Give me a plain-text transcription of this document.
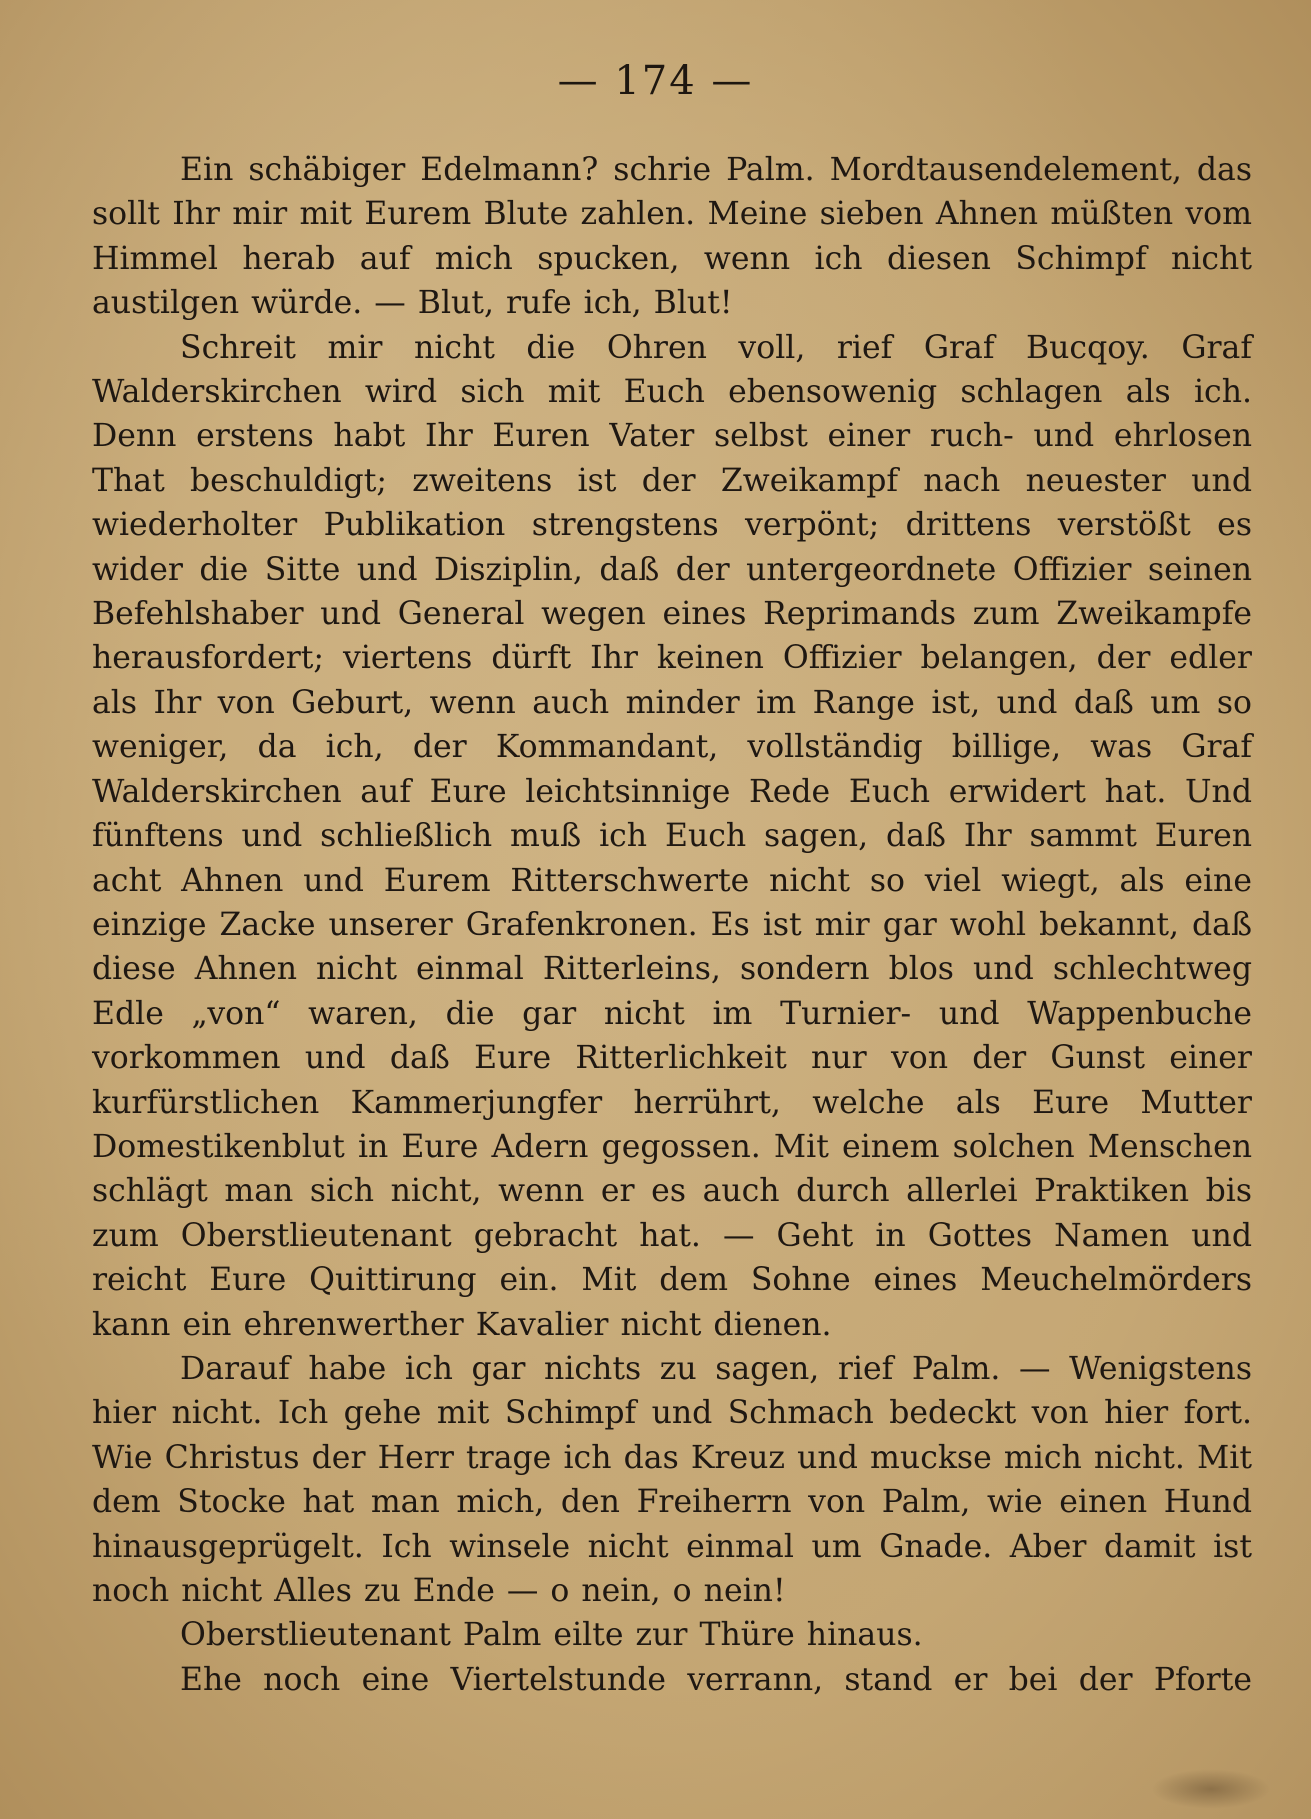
— 174 —

Ein schäbiger Edelmann? schrie Palm. Mordtausendelement, das sollt Ihr mir mit Eurem Blute zahlen. Meine sieben Ahnen müßten vom Himmel herab auf mich spucken, wenn ich diesen Schimpf nicht austilgen würde. — Blut, rufe ich, Blut!

Schreit mir nicht die Ohren voll, rief Graf Bucqoy. Graf Walderskirchen wird sich mit Euch ebensowenig schlagen als ich. Denn erstens habt Ihr Euren Vater selbst einer ruch- und ehrlosen That beschuldigt; zweitens ist der Zweikampf nach neuester und wiederholter Publikation strengstens verpönt; drittens verstößt es wider die Sitte und Disziplin, daß der untergeordnete Offizier seinen Befehlshaber und General wegen eines Reprimands zum Zweikampfe herausfordert; viertens dürft Ihr keinen Offizier belangen, der edler als Ihr von Geburt, wenn auch minder im Range ist, und daß um so weniger, da ich, der Kommandant, vollständig billige, was Graf Walderskirchen auf Eure leichtsinnige Rede Euch erwidert hat. Und fünftens und schließlich muß ich Euch sagen, daß Ihr sammt Euren acht Ahnen und Eurem Ritterschwerte nicht so viel wiegt, als eine einzige Zacke unserer Grafenkronen. Es ist mir gar wohl bekannt, daß diese Ahnen nicht einmal Ritterleins, sondern blos und schlechtweg Edle „von“ waren, die gar nicht im Turnier- und Wappenbuche vorkommen und daß Eure Ritterlichkeit nur von der Gunst einer kurfürstlichen Kammerjungfer herrührt, welche als Eure Mutter Domestikenblut in Eure Adern gegossen. Mit einem solchen Menschen schlägt man sich nicht, wenn er es auch durch allerlei Praktiken bis zum Oberstlieutenant gebracht hat. — Geht in Gottes Namen und reicht Eure Quittirung ein. Mit dem Sohne eines Meuchelmörders kann ein ehrenwerther Kavalier nicht dienen.

Darauf habe ich gar nichts zu sagen, rief Palm. — Wenigstens hier nicht. Ich gehe mit Schimpf und Schmach bedeckt von hier fort. Wie Christus der Herr trage ich das Kreuz und muckse mich nicht. Mit dem Stocke hat man mich, den Freiherrn von Palm, wie einen Hund hinausgeprügelt. Ich winsele nicht einmal um Gnade. Aber damit ist noch nicht Alles zu Ende — o nein, o nein!

Oberstlieutenant Palm eilte zur Thüre hinaus.

Ehe noch eine Viertelstunde verrann, stand er bei der Pforte
